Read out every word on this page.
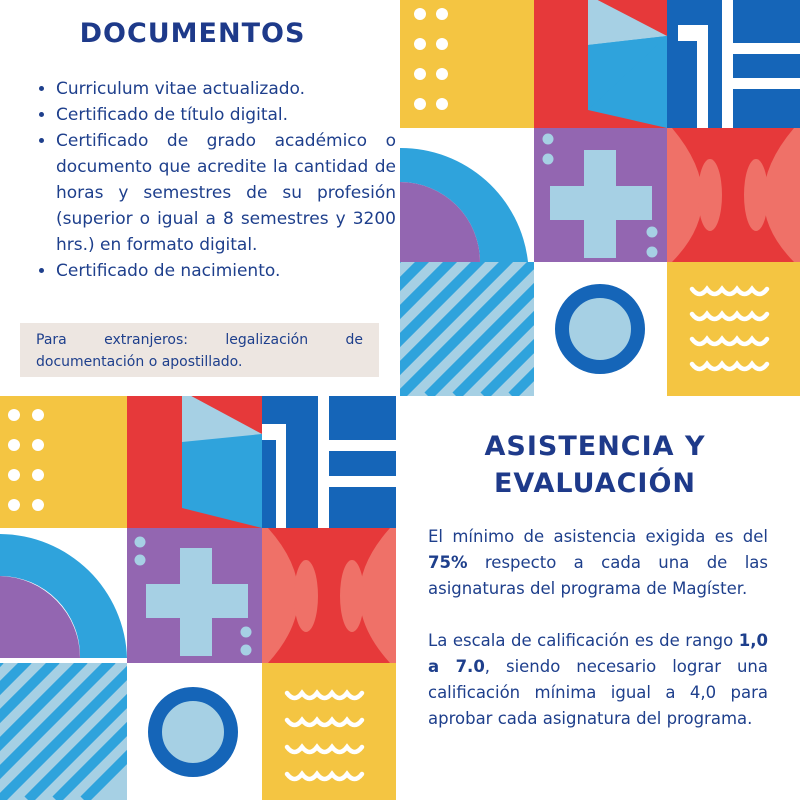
DOCUMENTOS
• Curriculum vitae actualizado.
• Certificado de título digital.
• Certificado de grado académico o documento que acredite la cantidad de horas y semestres de su profesión (superior o igual a 8 semestres y 3200 hrs.) en formato digital.
• Certificado de nacimiento.
Para extranjeros: legalización de documentación o apostillado.
ASISTENCIA Y EVALUACIÓN

El mínimo de asistencia exigida es del 75% respecto a cada una de las asignaturas del programa de Magíster.

La escala de calificación es de rango 1,0 a 7.0, siendo necesario lograr una calificación mínima igual a 4,0 para aprobar cada asignatura del programa.
